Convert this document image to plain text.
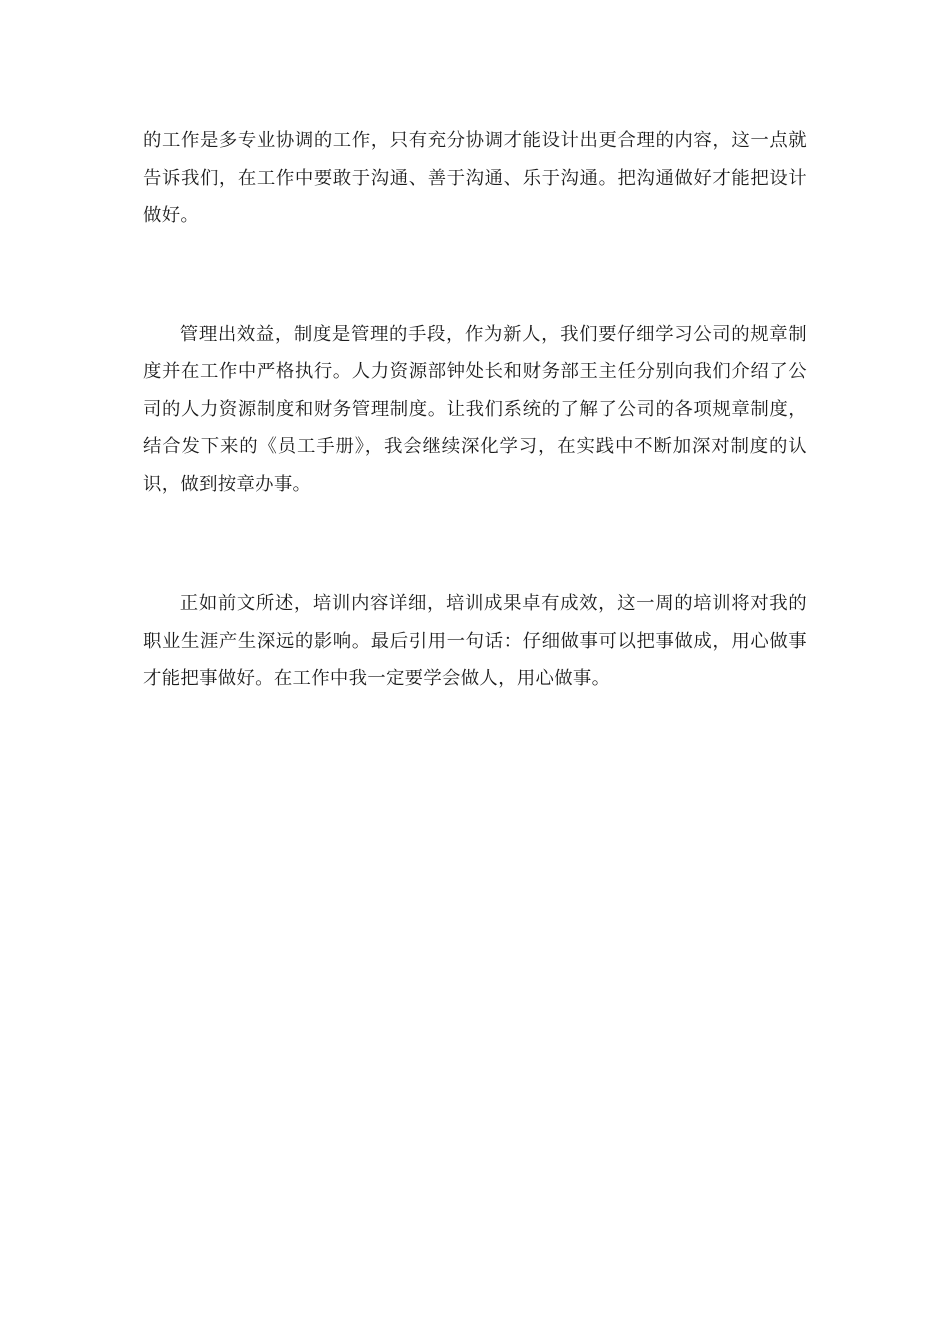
的工作是多专业协调的工作，只有充分协调才能设计出更合理的内容，这一点就告诉我们，在工作中要敢于沟通、善于沟通、乐于沟通。把沟通做好才能把设计做好。

管理出效益，制度是管理的手段，作为新人，我们要仔细学习公司的规章制度并在工作中严格执行。人力资源部钟处长和财务部王主任分别向我们介绍了公司的人力资源制度和财务管理制度。让我们系统的了解了公司的各项规章制度，结合发下来的《员工手册》，我会继续深化学习，在实践中不断加深对制度的认识，做到按章办事。

正如前文所述，培训内容详细，培训成果卓有成效，这一周的培训将对我的职业生涯产生深远的影响。最后引用一句话：仔细做事可以把事做成，用心做事才能把事做好。在工作中我一定要学会做人，用心做事。
